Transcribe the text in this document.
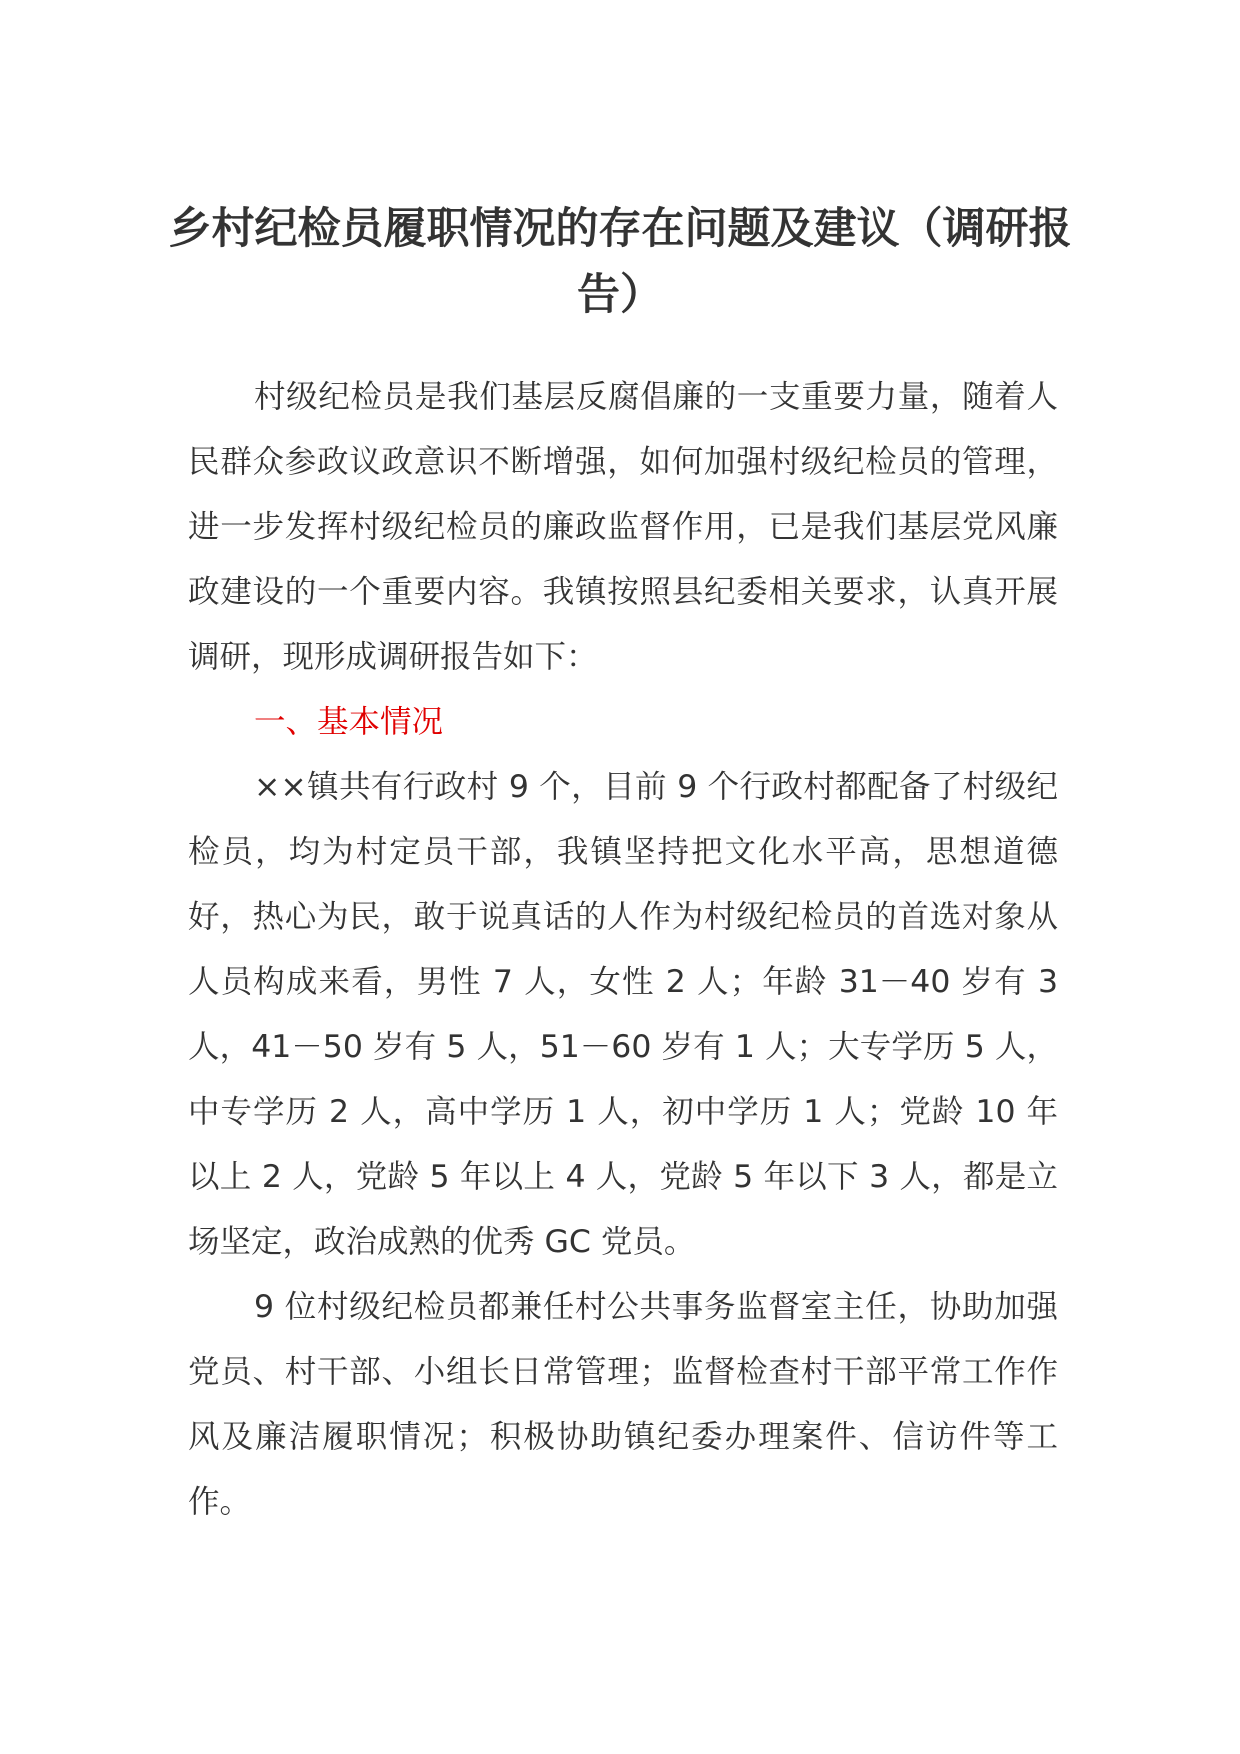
乡村纪检员履职情况的存在问题及建议（调研报告）

村级纪检员是我们基层反腐倡廉的一支重要力量，随着人民群众参政议政意识不断增强，如何加强村级纪检员的管理，进一步发挥村级纪检员的廉政监督作用，已是我们基层党风廉政建设的一个重要内容。我镇按照县纪委相关要求，认真开展调研，现形成调研报告如下：

一、基本情况

××镇共有行政村 9 个，目前 9 个行政村都配备了村级纪检员，均为村定员干部，我镇坚持把文化水平高，思想道德好，热心为民，敢于说真话的人作为村级纪检员的首选对象从人员构成来看，男性 7 人，女性 2 人；年龄 31－40 岁有 3 人，41－50 岁有 5 人，51－60 岁有 1 人；大专学历 5 人，中专学历 2 人，高中学历 1 人，初中学历 1 人；党龄 10 年以上 2 人，党龄 5 年以上 4 人，党龄 5 年以下 3 人，都是立场坚定，政治成熟的优秀 GC 党员。

9 位村级纪检员都兼任村公共事务监督室主任，协助加强党员、村干部、小组长日常管理；监督检查村干部平常工作作风及廉洁履职情况；积极协助镇纪委办理案件、信访件等工作。
